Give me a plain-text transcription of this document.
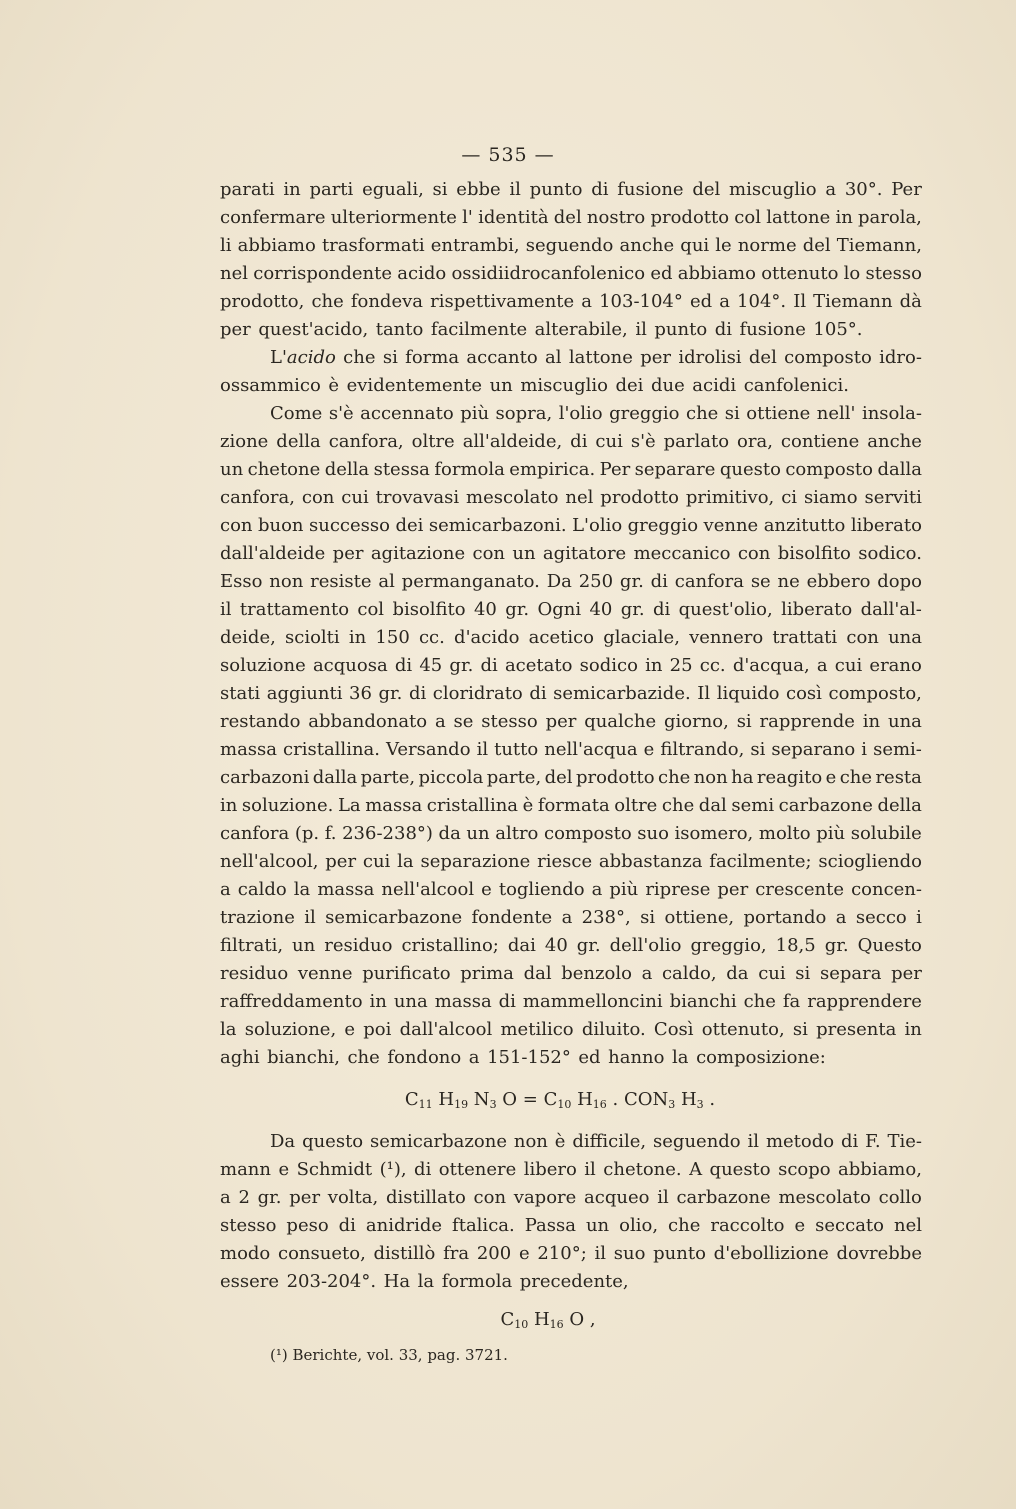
— 535 —
parati in parti eguali, si ebbe il punto di fusione del miscuglio a 30°. Per
confermare ulteriormente l' identità del nostro prodotto col lattone in parola,
li abbiamo trasformati entrambi, seguendo anche qui le norme del Tiemann,
nel corrispondente acido ossidiidrocanfolenico ed abbiamo ottenuto lo stesso
prodotto, che fondeva rispettivamente a 103-104° ed a 104°. Il Tiemann dà
per quest'acido, tanto facilmente alterabile, il punto di fusione 105°.
L'acido che si forma accanto al lattone per idrolisi del composto idro-
ossammico è evidentemente un miscuglio dei due acidi canfolenici.
Come s'è accennato più sopra, l'olio greggio che si ottiene nell' insola-
zione della canfora, oltre all'aldeide, di cui s'è parlato ora, contiene anche
un chetone della stessa formola empirica. Per separare questo composto dalla
canfora, con cui trovavasi mescolato nel prodotto primitivo, ci siamo serviti
con buon successo dei semicarbazoni. L'olio greggio venne anzitutto liberato
dall'aldeide per agitazione con un agitatore meccanico con bisolfito sodico.
Esso non resiste al permanganato. Da 250 gr. di canfora se ne ebbero dopo
il trattamento col bisolfito 40 gr. Ogni 40 gr. di quest'olio, liberato dall'al-
deide, sciolti in 150 cc. d'acido acetico glaciale, vennero trattati con una
soluzione acquosa di 45 gr. di acetato sodico in 25 cc. d'acqua, a cui erano
stati aggiunti 36 gr. di cloridrato di semicarbazide. Il liquido così composto,
restando abbandonato a se stesso per qualche giorno, si rapprende in una
massa cristallina. Versando il tutto nell'acqua e filtrando, si separano i semi-
carbazoni dalla parte, piccola parte, del prodotto che non ha reagito e che resta
in soluzione. La massa cristallina è formata oltre che dal semi carbazone della
canfora (p. f. 236-238°) da un altro composto suo isomero, molto più solubile
nell'alcool, per cui la separazione riesce abbastanza facilmente; sciogliendo
a caldo la massa nell'alcool e togliendo a più riprese per crescente concen-
trazione il semicarbazone fondente a 238°, si ottiene, portando a secco i
filtrati, un residuo cristallino; dai 40 gr. dell'olio greggio, 18,5 gr. Questo
residuo venne purificato prima dal benzolo a caldo, da cui si separa per
raffreddamento in una massa di mammelloncini bianchi che fa rapprendere
la soluzione, e poi dall'alcool metilico diluito. Così ottenuto, si presenta in
aghi bianchi, che fondono a 151-152° ed hanno la composizione:
$C_{11}$ $H_{19}$ $N_3$ $O = C_{10}$ $H_{16}$ . $CON_3$ $H_3$ .
Da questo semicarbazone non è difficile, seguendo il metodo di F. Tie-
mann e Schmidt (¹), di ottenere libero il chetone. A questo scopo abbiamo,
a 2 gr. per volta, distillato con vapore acqueo il carbazone mescolato collo
stesso peso di anidride ftalica. Passa un olio, che raccolto e seccato nel
modo consueto, distillò fra 200 e 210°; il suo punto d'ebollizione dovrebbe
essere 203-204°. Ha la formola precedente,
$C_{10}$ $H_{16}$ O ,
(¹) Berichte, vol. 33, pag. 3721.
